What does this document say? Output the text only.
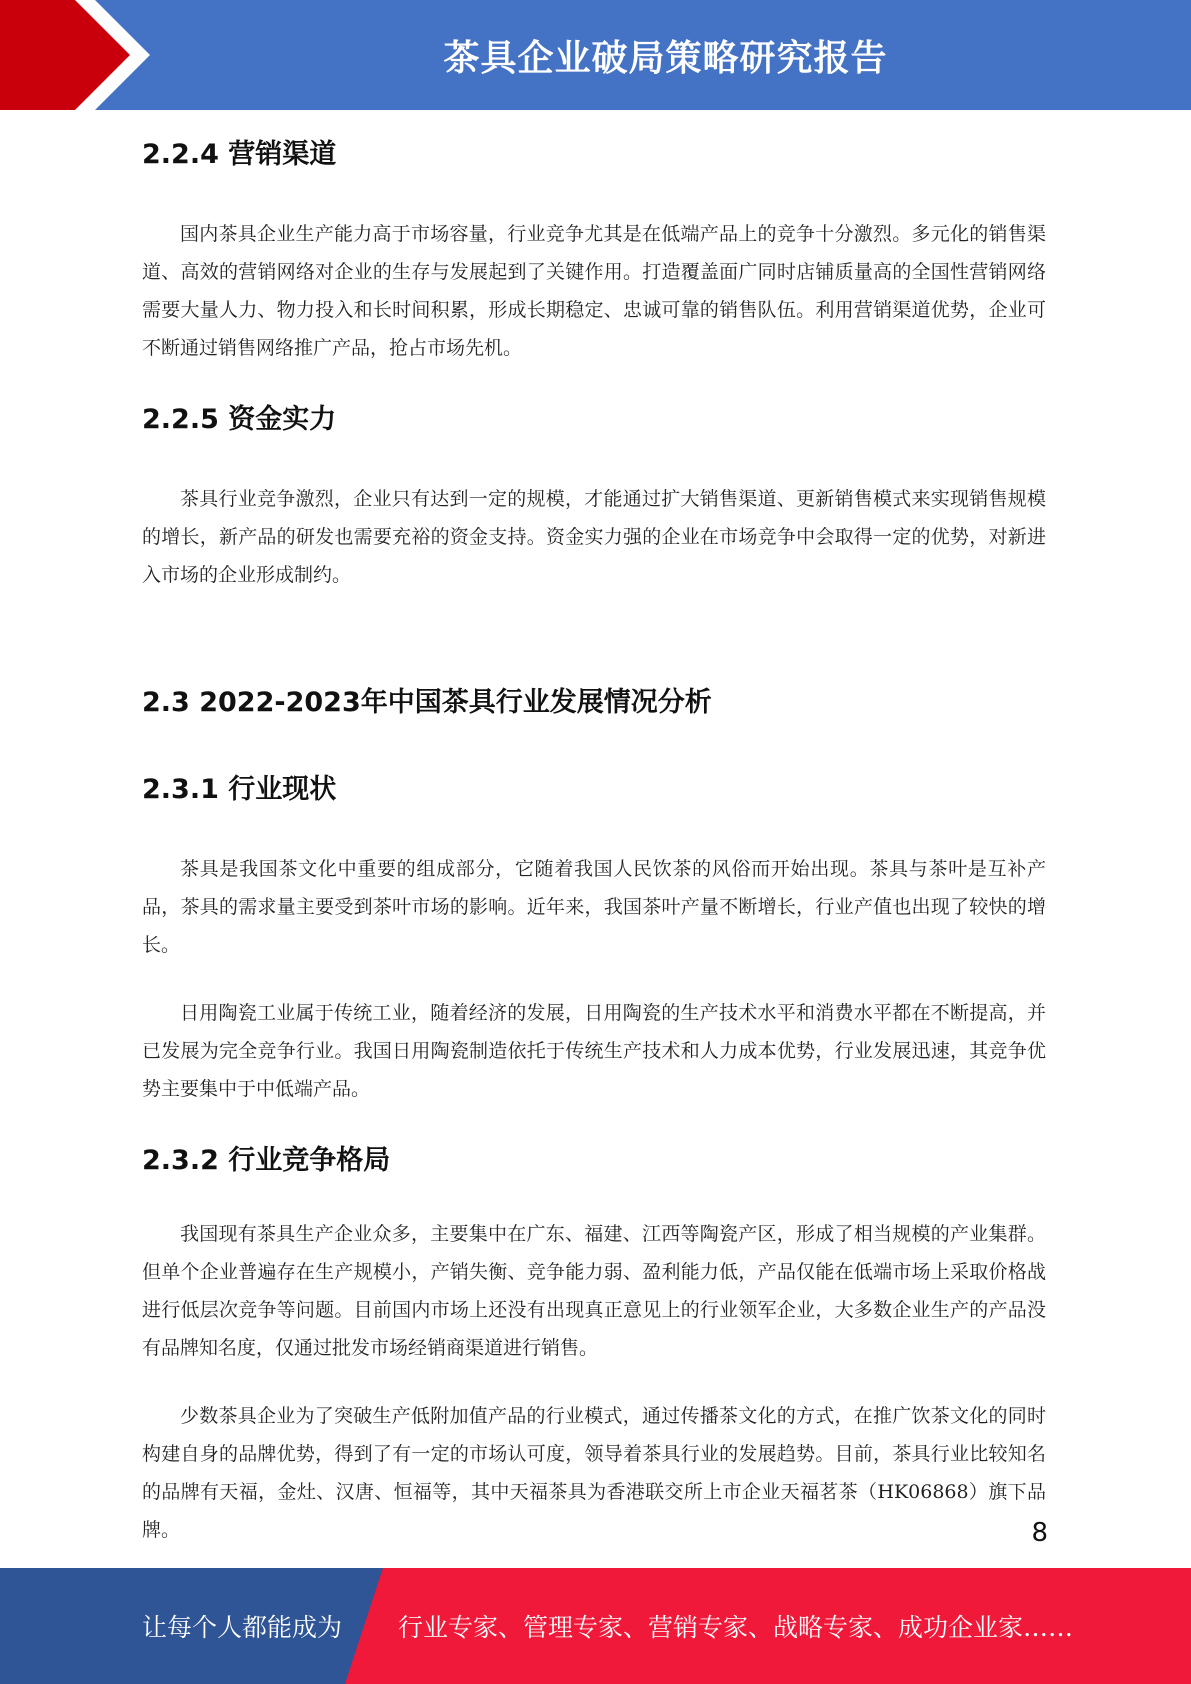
茶具企业破局策略研究报告
2.2.4 营销渠道

国内茶具企业生产能力高于市场容量，行业竞争尤其是在低端产品上的竞争十分激烈。多元化的销售渠道、高效的营销网络对企业的生存与发展起到了关键作用。打造覆盖面广同时店铺质量高的全国性营销网络需要大量人力、物力投入和长时间积累，形成长期稳定、忠诚可靠的销售队伍。利用营销渠道优势，企业可不断通过销售网络推广产品，抢占市场先机。

2.2.5 资金实力

茶具行业竞争激烈，企业只有达到一定的规模，才能通过扩大销售渠道、更新销售模式来实现销售规模的增长，新产品的研发也需要充裕的资金支持。资金实力强的企业在市场竞争中会取得一定的优势，对新进入市场的企业形成制约。

2.3 2022-2023年中国茶具行业发展情况分析
2.3.1 行业现状

茶具是我国茶文化中重要的组成部分，它随着我国人民饮茶的风俗而开始出现。茶具与茶叶是互补产品，茶具的需求量主要受到茶叶市场的影响。近年来，我国茶叶产量不断增长，行业产值也出现了较快的增长。

日用陶瓷工业属于传统工业，随着经济的发展，日用陶瓷的生产技术水平和消费水平都在不断提高，并已发展为完全竞争行业。我国日用陶瓷制造依托于传统生产技术和人力成本优势，行业发展迅速，其竞争优势主要集中于中低端产品。

2.3.2 行业竞争格局

我国现有茶具生产企业众多，主要集中在广东、福建、江西等陶瓷产区，形成了相当规模的产业集群。但单个企业普遍存在生产规模小，产销失衡、竞争能力弱、盈利能力低，产品仅能在低端市场上采取价格战进行低层次竞争等问题。目前国内市场上还没有出现真正意见上的行业领军企业，大多数企业生产的产品没有品牌知名度，仅通过批发市场经销商渠道进行销售。

少数茶具企业为了突破生产低附加值产品的行业模式，通过传播茶文化的方式，在推广饮茶文化的同时构建自身的品牌优势，得到了有一定的市场认可度，领导着茶具行业的发展趋势。目前，茶具行业比较知名的品牌有天福，金灶、汉唐、恒福等，其中天福茶具为香港联交所上市企业天福茗茶（HK06868）旗下品牌。	8
让每个人都能成为 行业专家、管理专家、营销专家、战略专家、成功企业家……
